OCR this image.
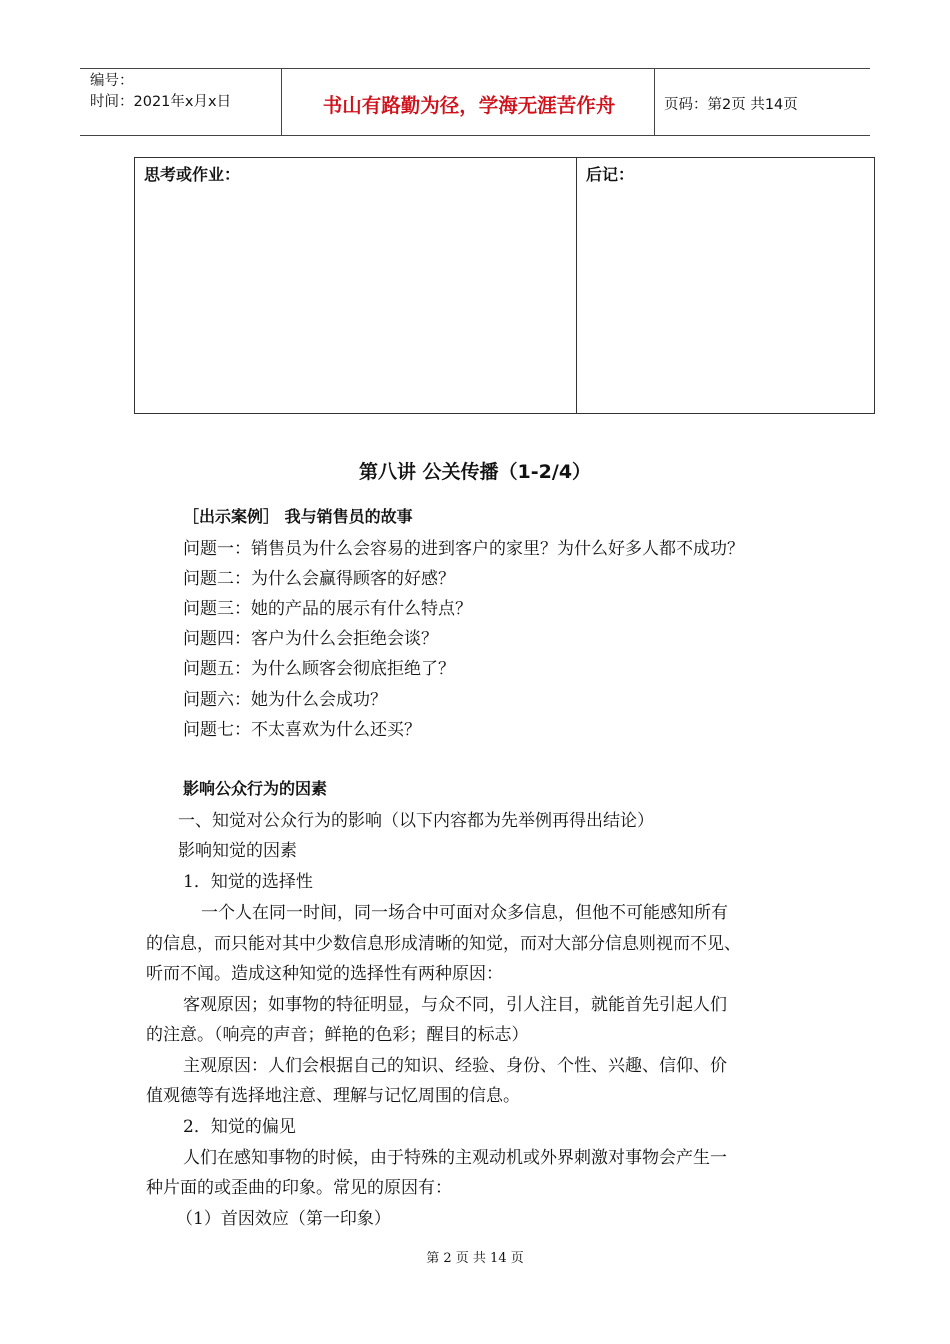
编号：
时间：2021年x月x日	书山有路勤为径，学海无涯苦作舟	页码：第2页 共14页
思考或作业：	后记：
第八讲 公关传播（1-2/4）
［出示案例］ 我与销售员的故事
问题一：销售员为什么会容易的进到客户的家里？为什么好多人都不成功？
问题二：为什么会赢得顾客的好感？
问题三：她的产品的展示有什么特点？
问题四：客户为什么会拒绝会谈？
问题五：为什么顾客会彻底拒绝了？
问题六：她为什么会成功？
问题七：不太喜欢为什么还买？
影响公众行为的因素
一、知觉对公众行为的影响（以下内容都为先举例再得出结论）
影响知觉的因素
1．知觉的选择性
一个人在同一时间，同一场合中可面对众多信息，但他不可能感知所有
的信息，而只能对其中少数信息形成清晰的知觉，而对大部分信息则视而不见、
听而不闻。造成这种知觉的选择性有两种原因：
客观原因；如事物的特征明显，与众不同，引人注目，就能首先引起人们
的注意。（响亮的声音；鲜艳的色彩；醒目的标志）
主观原因：人们会根据自己的知识、经验、身份、个性、兴趣、信仰、价
值观德等有选择地注意、理解与记忆周围的信息。
2．知觉的偏见
人们在感知事物的时候，由于特殊的主观动机或外界刺激对事物会产生一
种片面的或歪曲的印象。常见的原因有：
（1）首因效应（第一印象）
第 2 页 共 14 页
